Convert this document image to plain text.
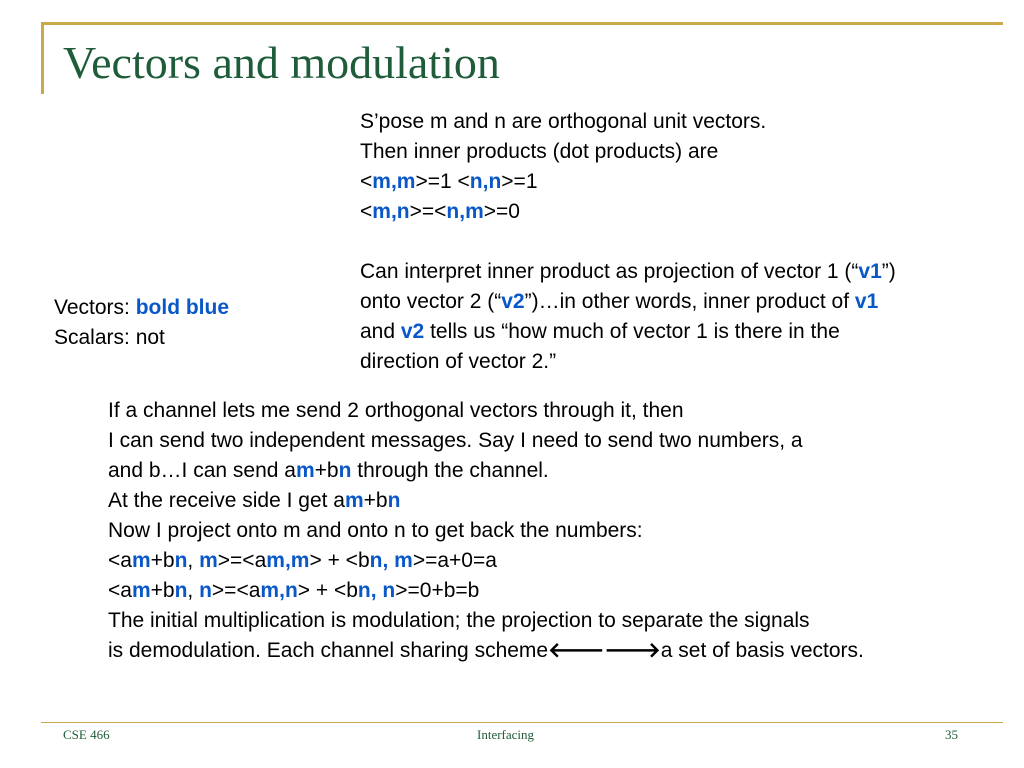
Vectors and modulation
S’pose m and n are orthogonal unit vectors.
Then inner products (dot products) are
<m,m>=1 <n,n>=1
<m,n>=<n,m>=0
Can interpret inner product as projection of vector 1 (“v1”)
onto vector 2 (“v2”)…in other words, inner product of v1
and v2 tells us “how much of vector 1 is there in the
direction of vector 2.”
Vectors: bold blue
Scalars: not
If a channel lets me send 2 orthogonal vectors through it, then
I can send two independent messages. Say I need to send two numbers, a
and b…I can send am+bn through the channel.
At the receive side I get am+bn
Now I project onto m and onto n to get back the numbers:
<am+bn, m>=<am,m> + <bn, m>=a+0=a
<am+bn, n>=<am,n> + <bn, n>=0+b=b
The initial multiplication is modulation; the projection to separate the signals
is demodulation. Each channel sharing scheme🡐🡒a set of basis vectors.
CSE 466	Interfacing	35
